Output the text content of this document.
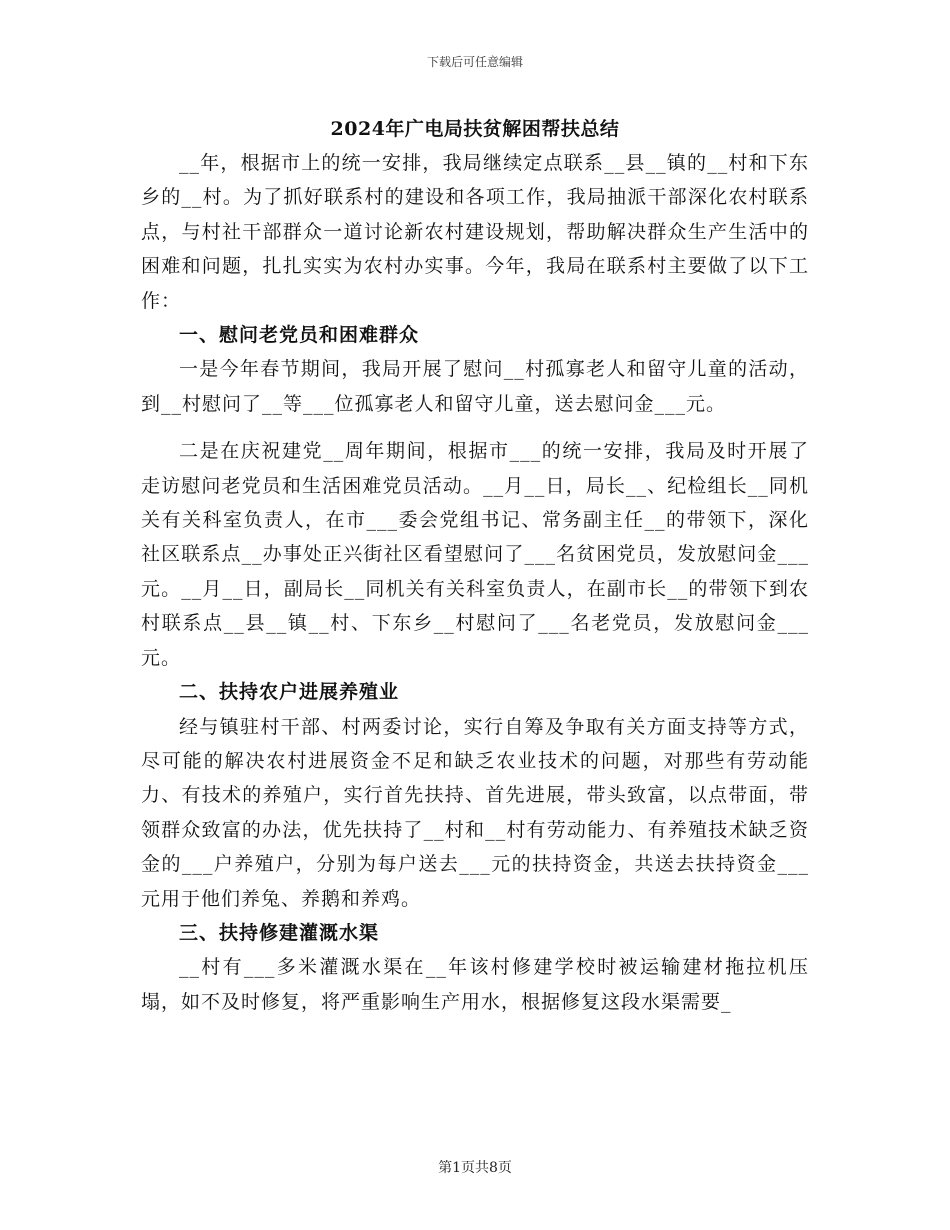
下载后可任意编辑
2024年广电局扶贫解困帮扶总结

__年，根据市上的统一安排，我局继续定点联系__县__镇的__村和下东乡的__村。为了抓好联系村的建设和各项工作，我局抽派干部深化农村联系点，与村社干部群众一道讨论新农村建设规划，帮助解决群众生产生活中的困难和问题，扎扎实实为农村办实事。今年，我局在联系村主要做了以下工作：

一、慰问老党员和困难群众

一是今年春节期间，我局开展了慰问__村孤寡老人和留守儿童的活动，到__村慰问了__等___位孤寡老人和留守儿童，送去慰问金___元。

二是在庆祝建党__周年期间，根据市___的统一安排，我局及时开展了走访慰问老党员和生活困难党员活动。__月__日，局长__、纪检组长__同机关有关科室负责人，在市___委会党组书记、常务副主任__的带领下，深化社区联系点__办事处正兴街社区看望慰问了___名贫困党员，发放慰问金___元。__月__日，副局长__同机关有关科室负责人，在副市长__的带领下到农村联系点__县__镇__村、下东乡__村慰问了___名老党员，发放慰问金___元。

二、扶持农户进展养殖业

经与镇驻村干部、村两委讨论，实行自筹及争取有关方面支持等方式，尽可能的解决农村进展资金不足和缺乏农业技术的问题，对那些有劳动能力、有技术的养殖户，实行首先扶持、首先进展，带头致富，以点带面，带领群众致富的办法，优先扶持了__村和__村有劳动能力、有养殖技术缺乏资金的___户养殖户，分别为每户送去___元的扶持资金，共送去扶持资金___元用于他们养兔、养鹅和养鸡。

三、扶持修建灌溉水渠

__村有___多米灌溉水渠在__年该村修建学校时被运输建材拖拉机压塌，如不及时修复，将严重影响生产用水，根据修复这段水渠需要_

第1页共8页
